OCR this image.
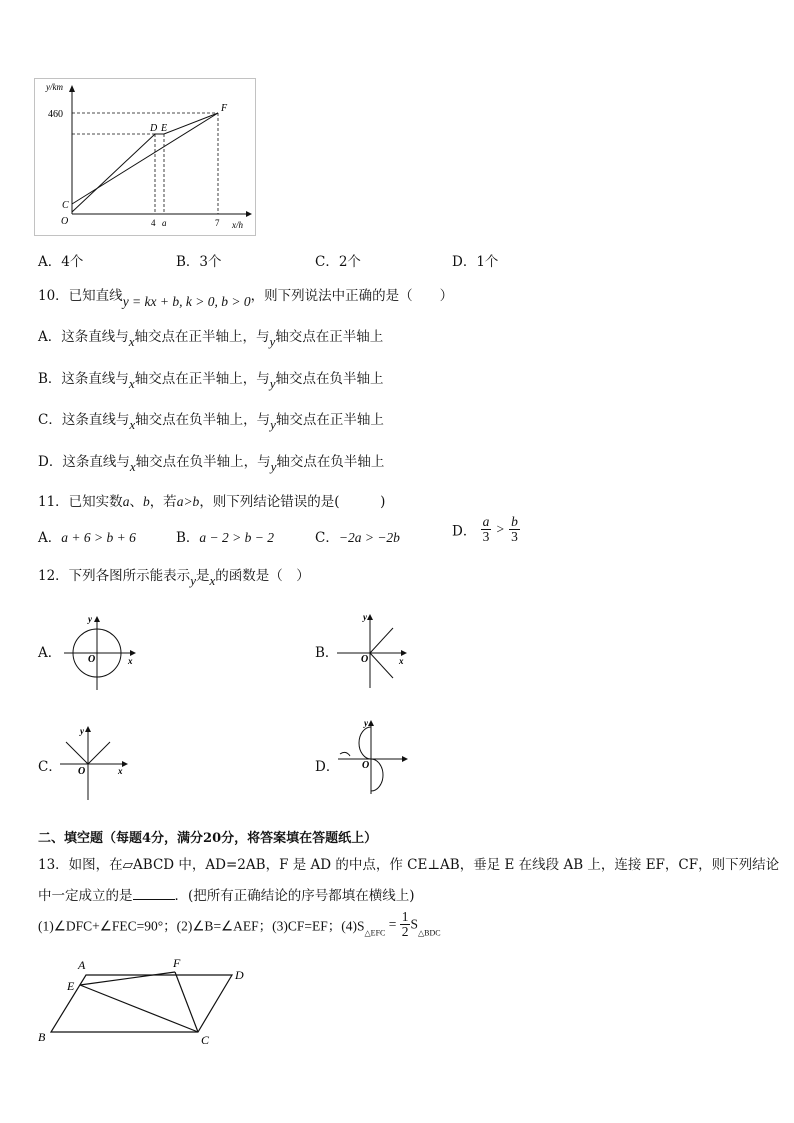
y/km
x/h
460
4 a	7
O
C
D E
F
A．4个	B．3个	C．2个	D．1个
10．已知直线y = kx + b, k > 0, b > 0，则下列说法中正确的是（　　）
A．这条直线与x轴交点在正半轴上，与y轴交点在正半轴上
B．这条直线与x轴交点在正半轴上，与y轴交点在负半轴上
C．这条直线与x轴交点在负半轴上，与y轴交点在正半轴上
D．这条直线与x轴交点在负半轴上，与y轴交点在负半轴上
11．已知实数a、b，若a>b，则下列结论错误的是(　　　)
A．a + 6 > b + 6	B．a − 2 > b − 2	C．−2a > −2b	D． $\frac{a}{3} > \frac{b}{3}$
12．下列各图所示能表示y是x的函数是（　）
A．	O	x
y
B． O	x
y
C． O	x
y
D． O
y
二、填空题（每题4分，满分20分，将答案填在答题纸上）
13．如图，在▱ABCD 中，AD=2AB，F 是 AD 的中点，作 CE⊥AB，垂足 E 在线段 AB 上，连接 EF，CF，则下列结论
中一定成立的是	．(把所有正确结论的序号都填在横线上)
(1)∠DFC+∠FEC=90°；(2)∠B=∠AEF；(3)CF=EF；$(4)S_{\triangle EFC} = \frac{1}{2} S_{\triangle BDC}$
A	F
D
E
B	C
